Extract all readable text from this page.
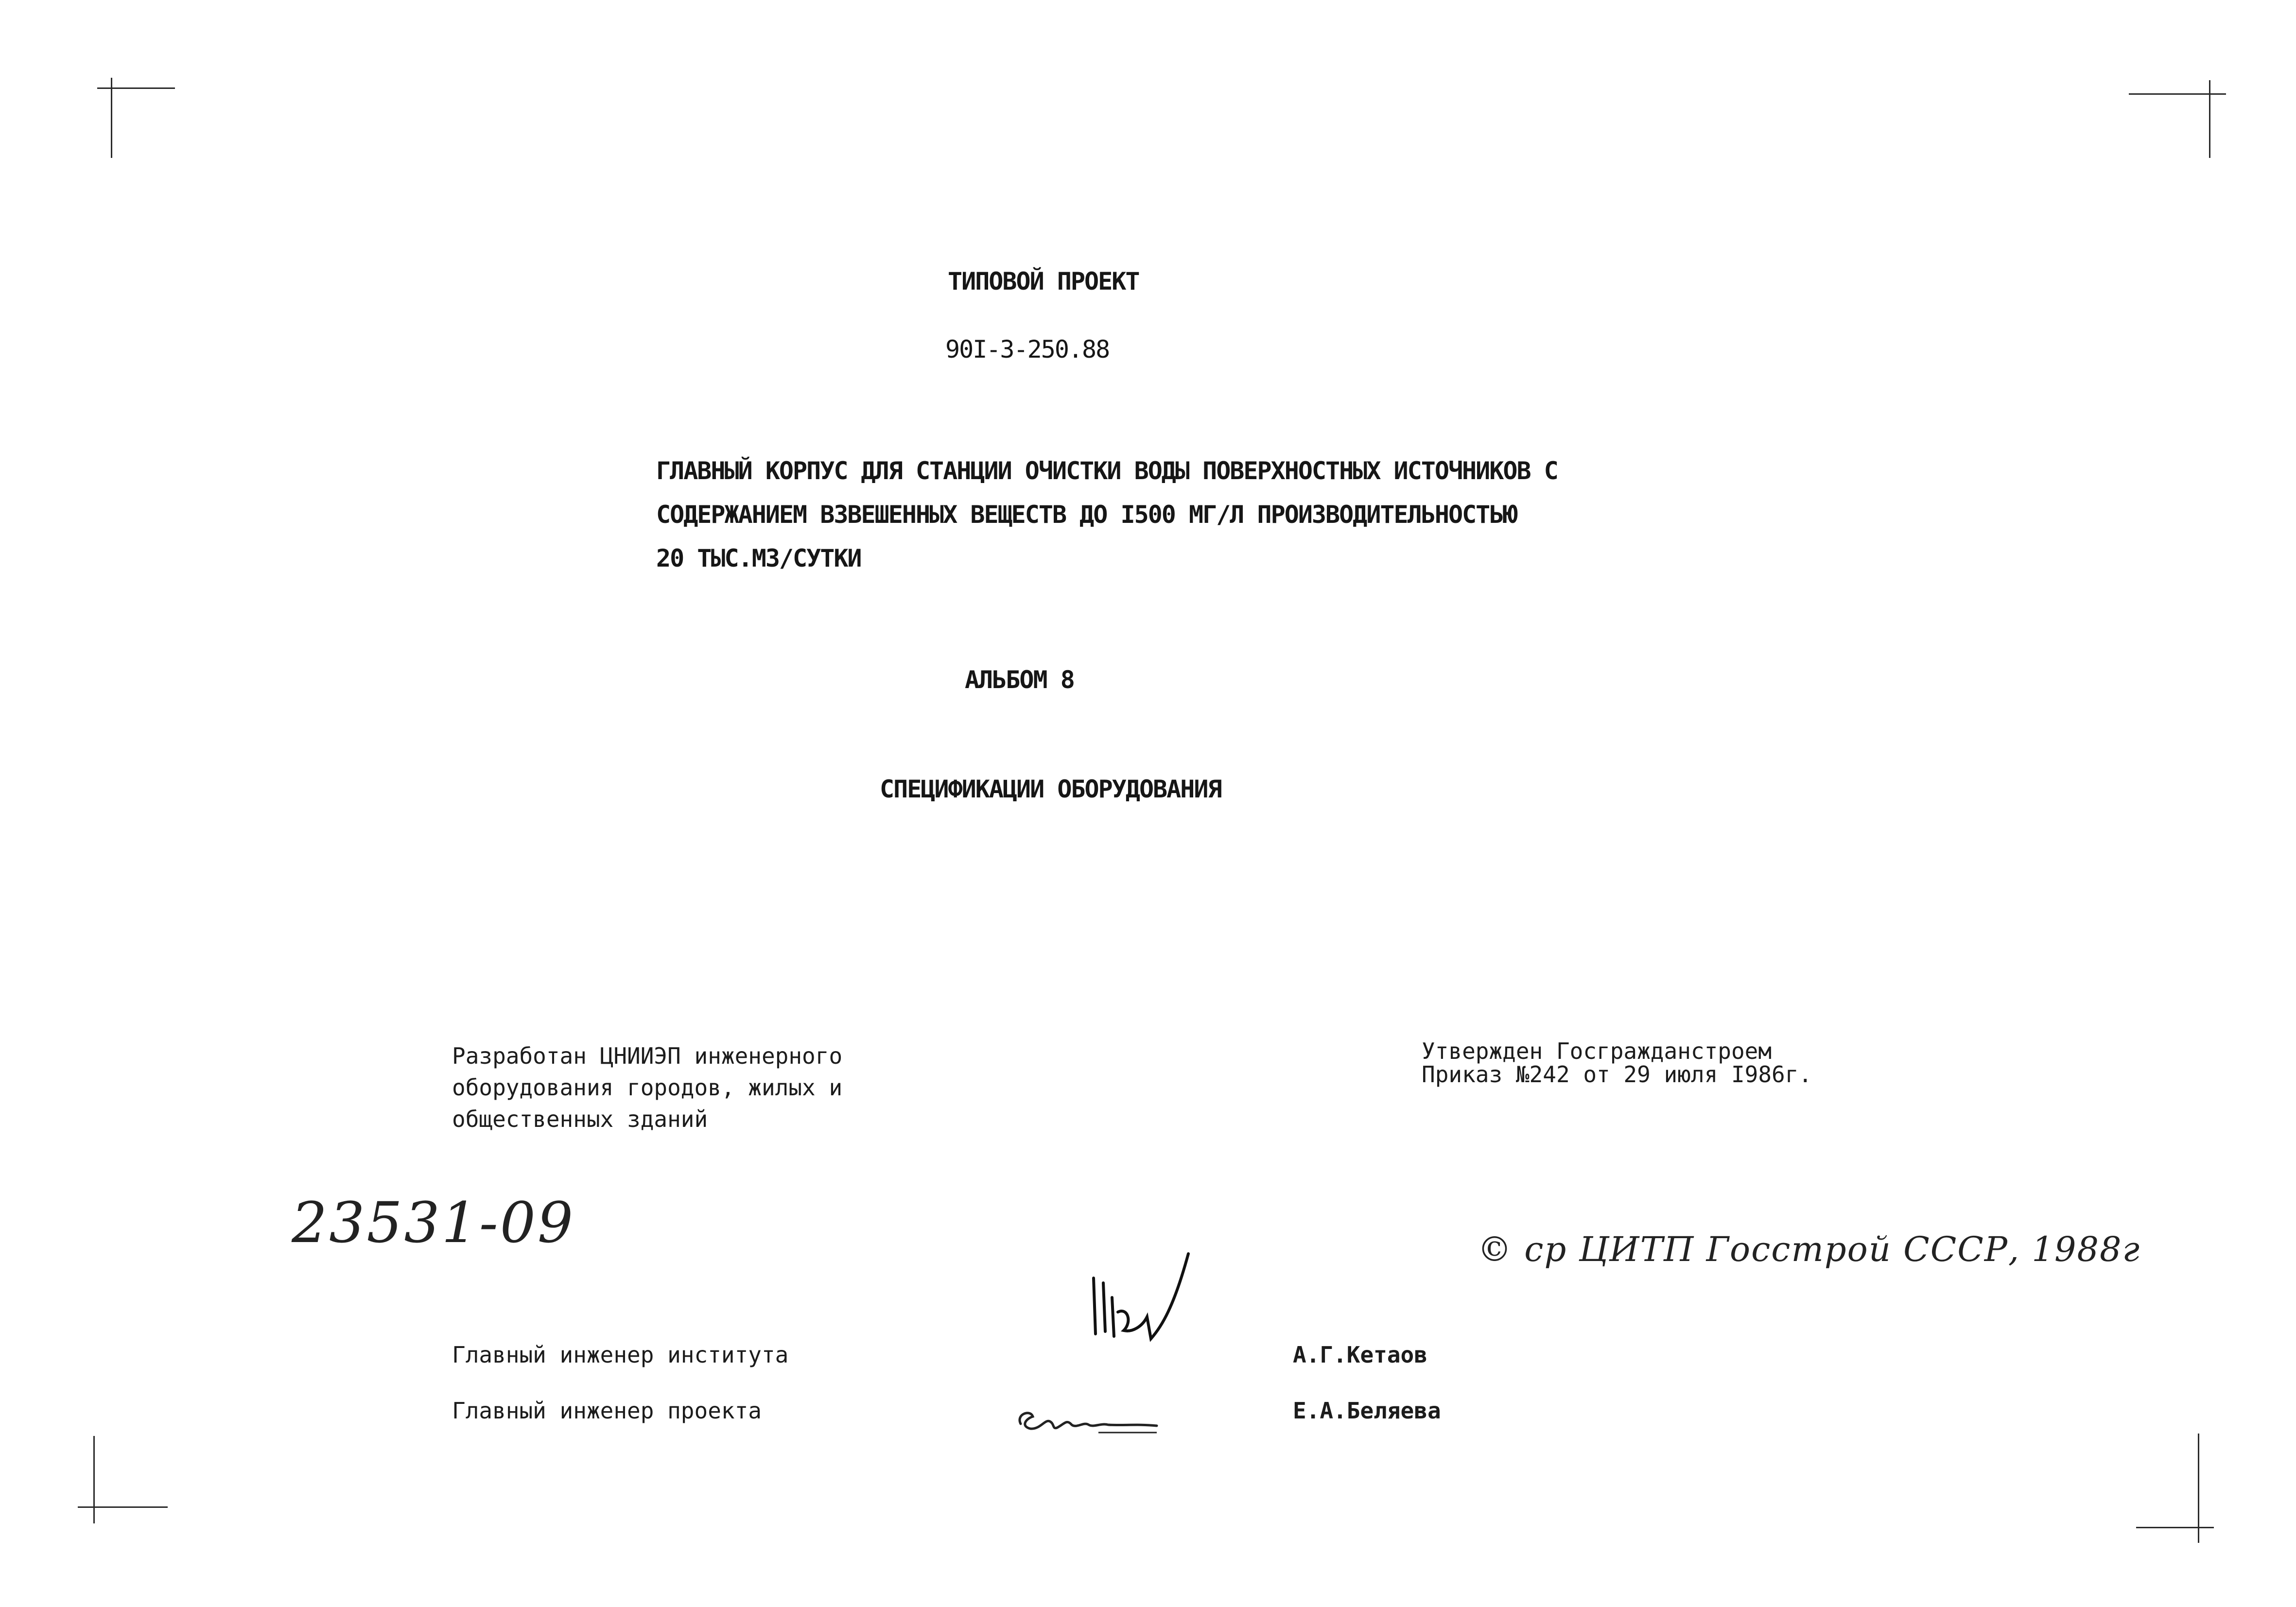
ТИПОВОЙ ПРОЕКТ
90I-3-250.88
ГЛАВНЫЙ КОРПУС ДЛЯ СТАНЦИИ ОЧИСТКИ ВОДЫ ПОВЕРХНОСТНЫХ ИСТОЧНИКОВ С
СОДЕРЖАНИЕМ ВЗВЕШЕННЫХ ВЕЩЕСТВ ДО I500 МГ/Л ПРОИЗВОДИТЕЛЬНОСТЬЮ
20 ТЫС.М3/СУТКИ
АЛЬБОМ 8
СПЕЦИФИКАЦИИ ОБОРУДОВАНИЯ
Разработан ЦНИИЭП инженерного
оборудования городов, жилых и
общественных зданий
Утвержден Госгражданстроем
Приказ №242 от 29 июля I986г.
23531-09	© ср ЦИТП Госстрой СССР, 1988г
Главный инженер института	А.Г.Кетаов
Главный инженер проекта	Е.А.Беляева
